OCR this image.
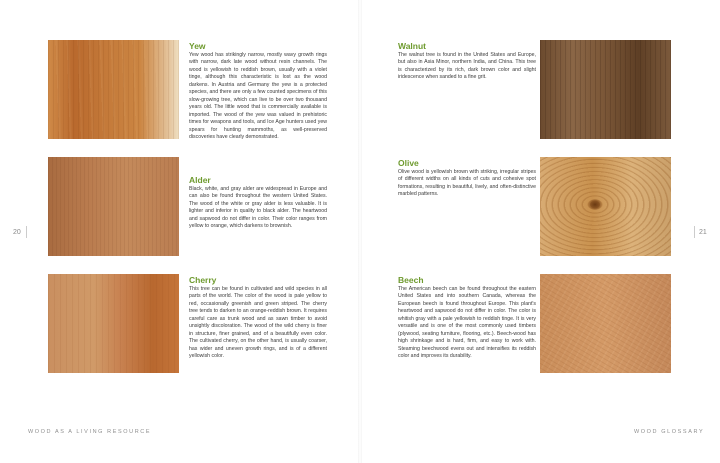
Yew

Yew wood has strikingly narrow, mostly wavy growth rings with narrow, dark late wood without resin channels. The wood is yellowish to reddish brown, usually with a violet tinge, although this characteristic is lost as the wood darkens. In Austria and Germany the yew is a protected species, and there are only a few counted specimens of this slow-growing tree, which can live to be over two thousand years old. The little wood that is commercially available is imported. The wood of the yew was valued in prehistoric times for weapons and tools, and Ice Age hunters used yew spears for hunting mammoths, as well-preserved discoveries have clearly demonstrated.

Alder

Black, white, and gray alder are widespread in Europe and can also be found throughout the western United States. The wood of the white or gray alder is less valuable. It is lighter and inferior in quality to black alder. The heartwood and sapwood do not differ in color. Their color ranges from yellow to orange, which darkens to brownish.

Cherry

This tree can be found in cultivated and wild species in all parts of the world. The color of the wood is pale yellow to red, occasionally greenish and green striped. The cherry tree tends to darken to an orange-reddish brown. It requires careful care as trunk wood and as sawn timber to avoid unsightly discoloration. The wood of the wild cherry is finer in structure, finer grained, and of a beautifully even color. The cultivated cherry, on the other hand, is usually coarser, has wider and uneven growth rings, and is of a different yellowish color.

20
WOOD AS A LIVING RESOURCE
Walnut

The walnut tree is found in the United States and Europe, but also in Asia Minor, northern India, and China. This tree is characterized by its rich, dark brown color and slight iridescence when sanded to a fine grit.

Olive

Olive wood is yellowish brown with striking, irregular stripes of different widths on all kinds of cuts and cohesive spot formations, resulting in beautiful, lively, and often-distinctive marbled patterns.

Beech

The American beech can be found throughout the eastern United States and into southern Canada, whereas the European beech is found throughout Europe. This plant's heartwood and sapwood do not differ in color. The color is whitish gray with a pale yellowish to reddish tinge. It is very versatile and is one of the most commonly used timbers (plywood, seating furniture, flooring, etc.). Beech-wood has high shrinkage and is hard, firm, and easy to work with. Steaming beechwood evens out and intensifies its reddish color and improves its durability.

21
WOOD GLOSSARY
